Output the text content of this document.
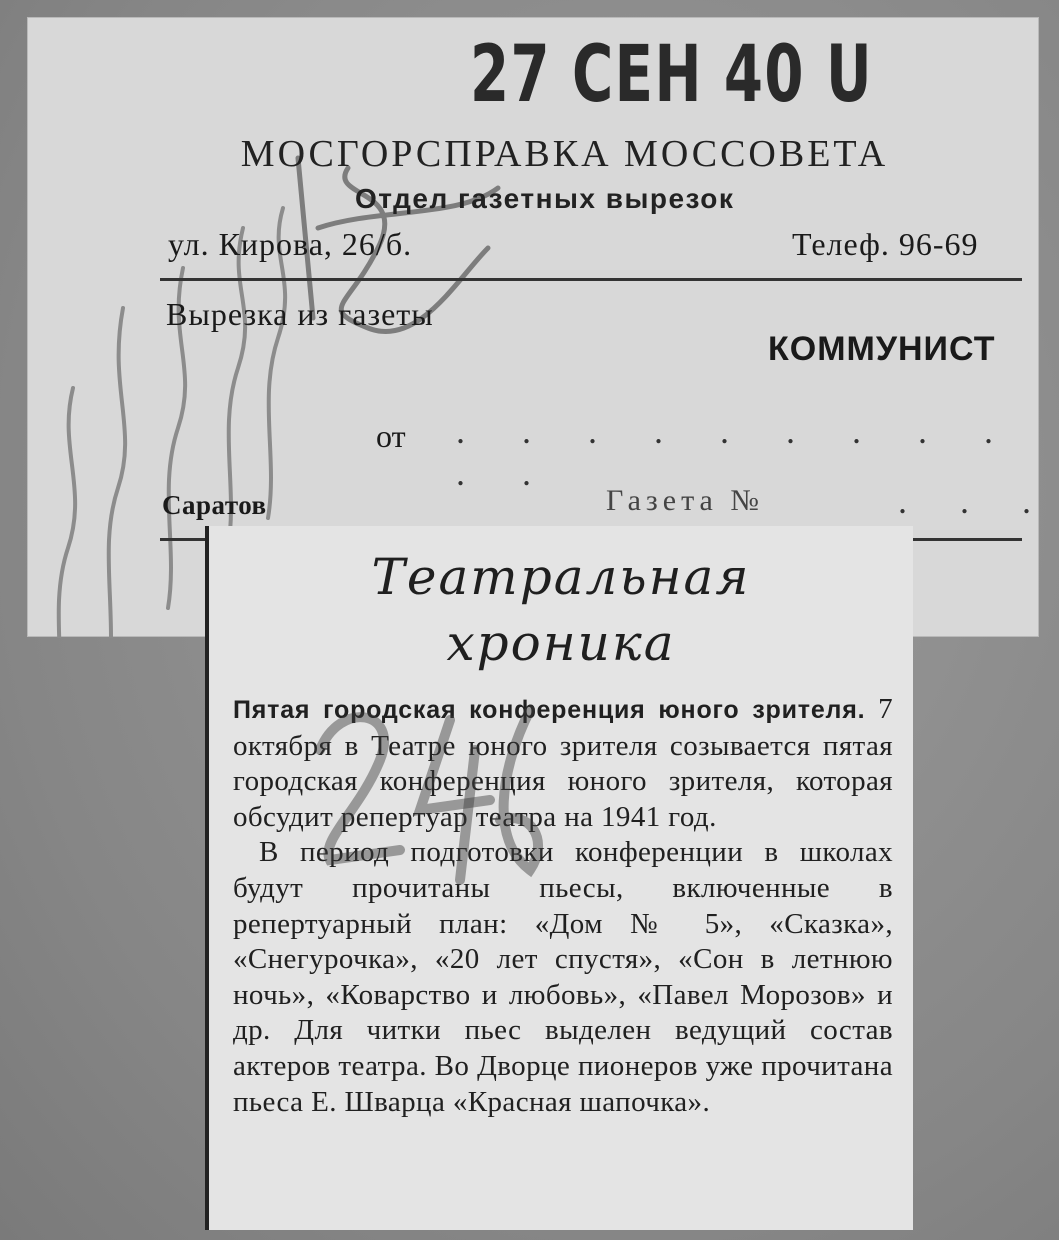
27 СЕН 40 U
МОСГОРСПРАВКА МОССОВЕТА
Отдел газетных вырезок
ул. Кирова, 26/б.	Телеф. 96-69
Вырезка из газеты
КОММУНИСТ
от . . . . . . . . . . .
Саратов	Газета №	. . .
Театральная
хроника

Пятая городская конференция юного зрителя. 7 октября в Театре юного зрителя созывается пятая городская конференция юного зрителя, которая обсудит репертуар театра на 1941 год.

В период подготовки конференции в школах будут прочитаны пьесы, включенные в репертуарный план: «Дом № 5», «Сказка», «Снегурочка», «20 лет спустя», «Сон в летнюю ночь», «Коварство и любовь», «Павел Морозов» и др. Для читки пьес выделен ведущий состав актеров театра. Во Дворце пионеров уже прочитана пьеса Е. Шварца «Красная шапочка».
